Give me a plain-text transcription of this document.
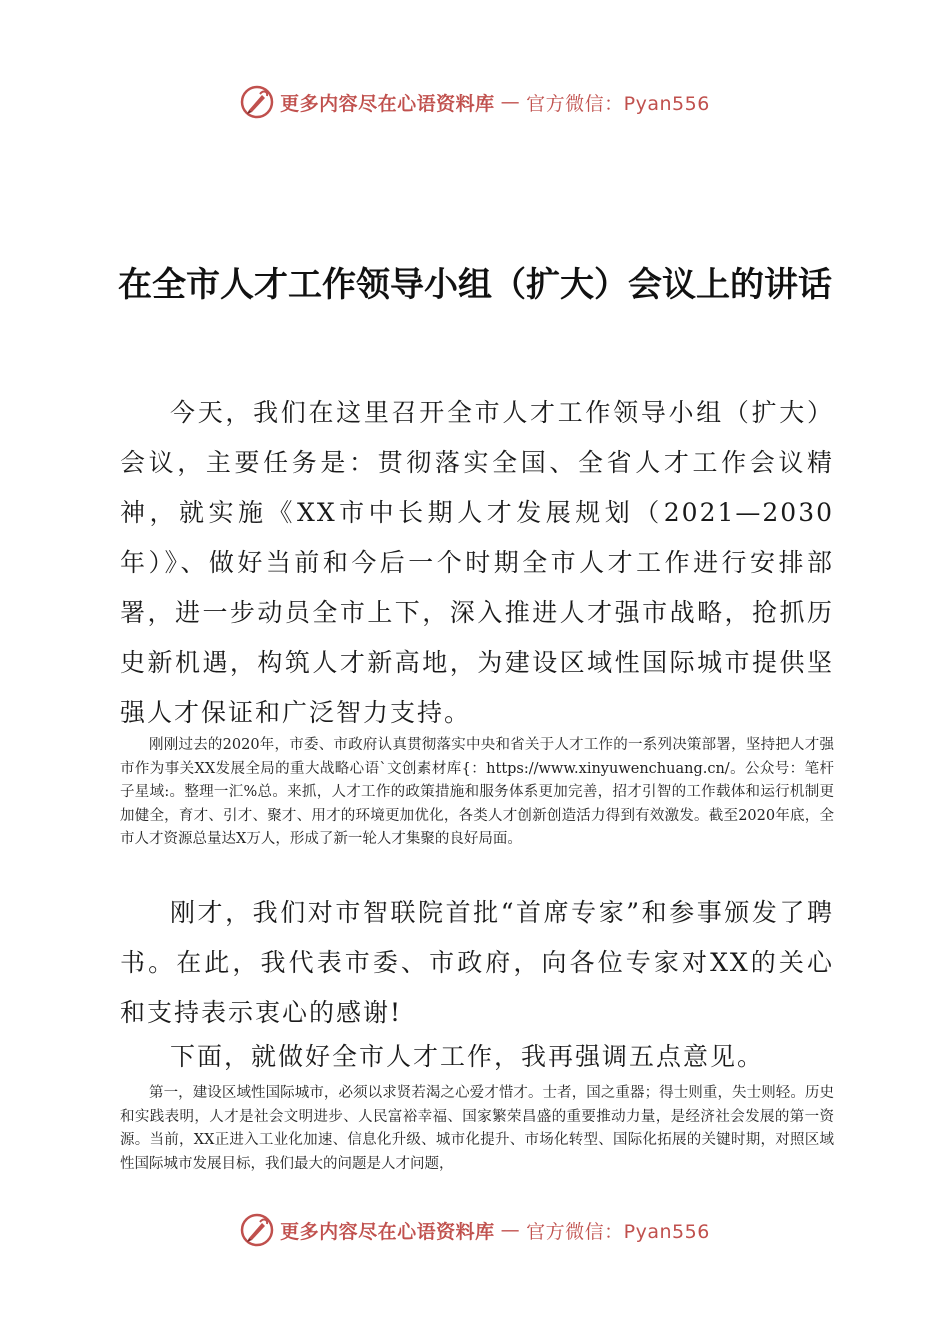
更多内容尽在心语资料库 — 官方微信：Pyan556
在全市人才工作领导小组（扩大）会议上的讲话

今天，我们在这里召开全市人才工作领导小组（扩大）会议，主要任务是：贯彻落实全国、全省人才工作会议精神，就实施《XX市中长期人才发展规划（2021—2030年）》、做好当前和今后一个时期全市人才工作进行安排部署，进一步动员全市上下，深入推进人才强市战略，抢抓历史新机遇，构筑人才新高地，为建设区域性国际城市提供坚强人才保证和广泛智力支持。

刚刚过去的2020年，市委、市政府认真贯彻落实中央和省关于人才工作的一系列决策部署，坚持把人才强市作为事关XX发展全局的重大战略心语`文创素材库{：https://www.xinyuwenchuang.cn/。公众号：笔杆子星域:。整理一汇%总。来抓，人才工作的政策措施和服务体系更加完善，招才引智的工作载体和运行机制更加健全，育才、引才、聚才、用才的环境更加优化，各类人才创新创造活力得到有效激发。截至2020年底，全市人才资源总量达X万人，形成了新一轮人才集聚的良好局面。

刚才，我们对市智联院首批“首席专家”和参事颁发了聘书。在此，我代表市委、市政府，向各位专家对XX的关心和支持表示衷心的感谢!

下面，就做好全市人才工作，我再强调五点意见。

第一，建设区域性国际城市，必须以求贤若渴之心爱才惜才。士者，国之重器；得士则重，失士则轻。历史和实践表明，人才是社会文明进步、人民富裕幸福、国家繁荣昌盛的重要推动力量，是经济社会发展的第一资源。当前，XX正进入工业化加速、信息化升级、城市化提升、市场化转型、国际化拓展的关键时期，对照区域性国际城市发展目标，我们最大的问题是人才问题，

更多内容尽在心语资料库 — 官方微信：Pyan556
